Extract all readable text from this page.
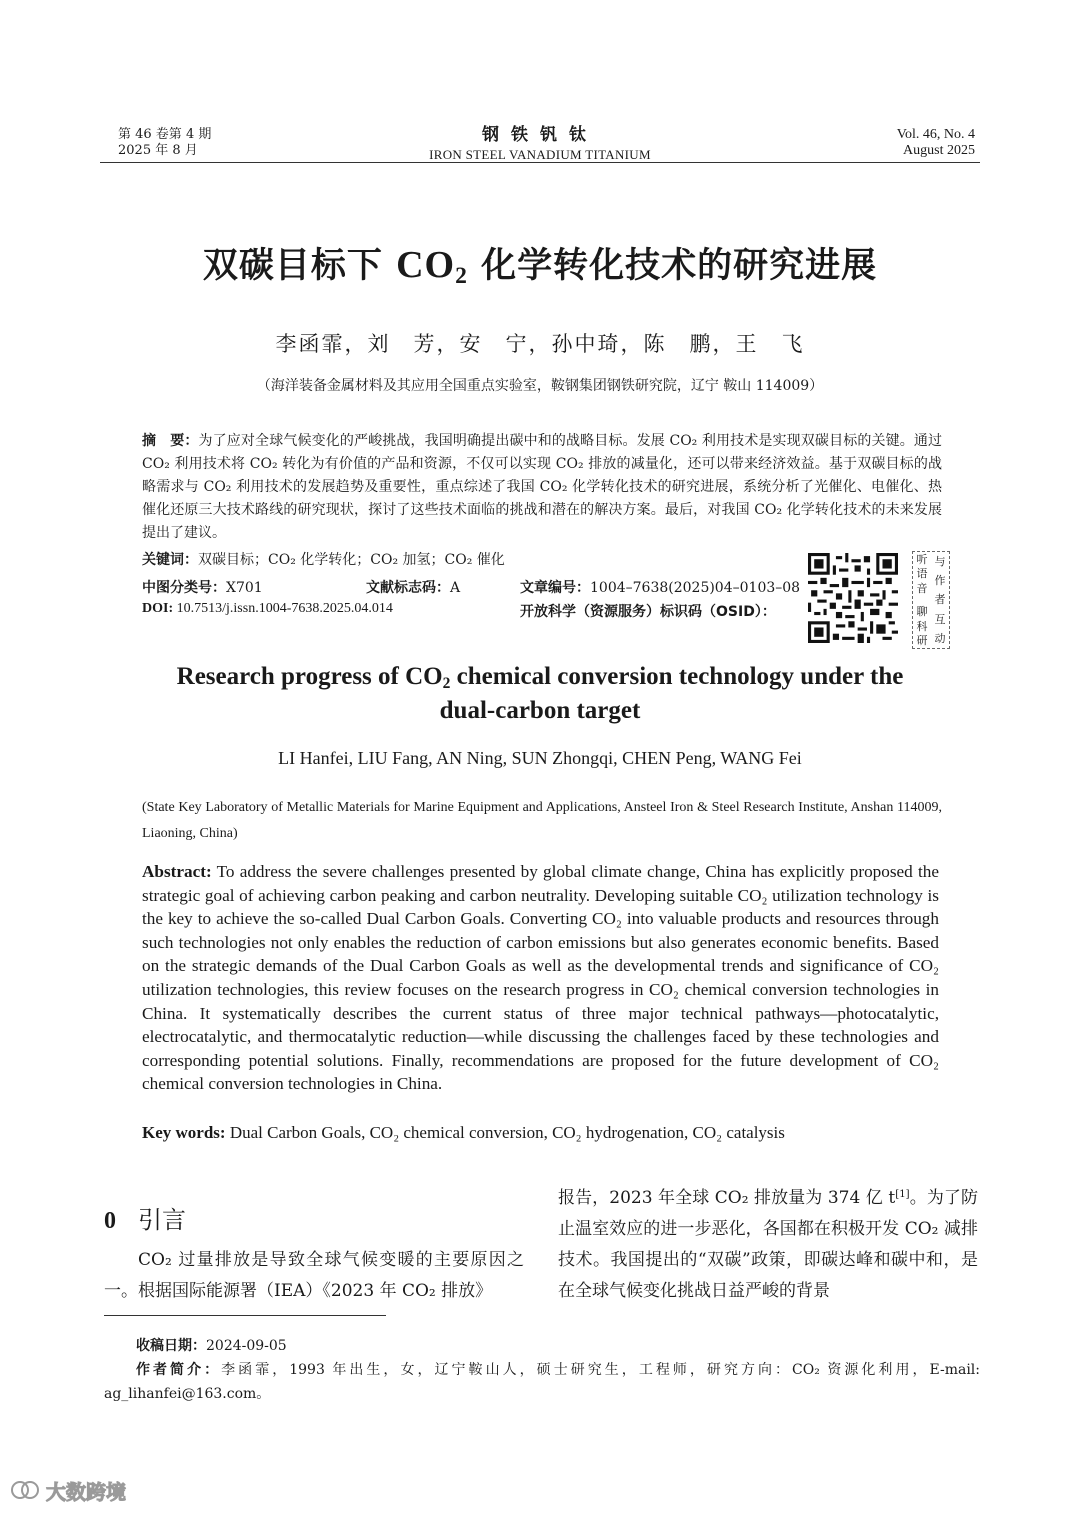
第 46 卷第 4 期
2025 年 8 月
钢铁钒钛
IRON STEEL VANADIUM TITANIUM
Vol. 46, No. 4
August 2025
双碳目标下 $CO_2$ 化学转化技术的研究进展
李函霏，刘　芳，安　宁，孙中琦，陈　鹏，王　飞
（海洋装备金属材料及其应用全国重点实验室，鞍钢集团钢铁研究院，辽宁 鞍山 114009）
摘　要：为了应对全球气候变化的严峻挑战，我国明确提出碳中和的战略目标。发展 CO₂ 利用技术是实现双碳目标的关键。通过 CO₂ 利用技术将 CO₂ 转化为有价值的产品和资源，不仅可以实现 CO₂ 排放的减量化，还可以带来经济效益。基于双碳目标的战略需求与 CO₂ 利用技术的发展趋势及重要性，重点综述了我国 CO₂ 化学转化技术的研究进展，系统分析了光催化、电催化、热催化还原三大技术路线的研究现状，探讨了这些技术面临的挑战和潜在的解决方案。最后，对我国 CO₂ 化学转化技术的未来发展提出了建议。
关键词：双碳目标；CO₂ 化学转化；CO₂ 加氢；CO₂ 催化
中图分类号：X701	文献标志码：A	文章编号：1004–7638(2025)04–0103–08
DOI: 10.7513/j.issn.1004-7638.2025.04.014	开放科学（资源服务）标识码（OSID）：
听
语
音
聊
科
研
与
作
者
互
动
Research progress of $CO_2$ chemical conversion technology under the
dual-carbon target
LI Hanfei, LIU Fang, AN Ning, SUN Zhongqi, CHEN Peng, WANG Fei
(State Key Laboratory of Metallic Materials for Marine Equipment and Applications, Ansteel Iron & Steel Research Institute, Anshan 114009, Liaoning, China)
Abstract: To address the severe challenges presented by global climate change, China has explicitly proposed the strategic goal of achieving carbon peaking and carbon neutrality. Developing suitable CO₂ utilization technology is the key to achieve the so-called Dual Carbon Goals. Converting CO₂ into valuable products and resources through such technologies not only enables the reduction of carbon emissions but also generates economic benefits. Based on the strategic demands of the Dual Carbon Goals as well as the developmental trends and significance of CO₂ utilization technologies, this review focuses on the research progress in CO₂ chemical conversion technologies in China. It systematically describes the current status of three major technical pathways—photocatalytic, electrocatalytic, and thermocatalytic reduction—while discussing the challenges faced by these technologies and corresponding potential solutions. Finally, recommendations are proposed for the future development of CO₂ chemical conversion technologies in China.
Key words: Dual Carbon Goals, CO₂ chemical conversion, CO₂ hydrogenation, CO₂ catalysis
0 引言
CO₂ 过量排放是导致全球气候变暖的主要原因之一。根据国际能源署（IEA）《2023 年 CO₂ 排放》
报告，2023 年全球 CO₂ 排放量为 374 亿 t[1]。为了防止温室效应的进一步恶化，各国都在积极开发 CO₂ 减排技术。我国提出的“双碳”政策，即碳达峰和碳中和，是在全球气候变化挑战日益严峻的背景
收稿日期：2024-09-05
作者简介：李函霏，1993 年出生，女，辽宁鞍山人，硕士研究生，工程师，研究方向：CO₂ 资源化利用，E-mail: ag_lihanfei@163.com。
大数跨境
